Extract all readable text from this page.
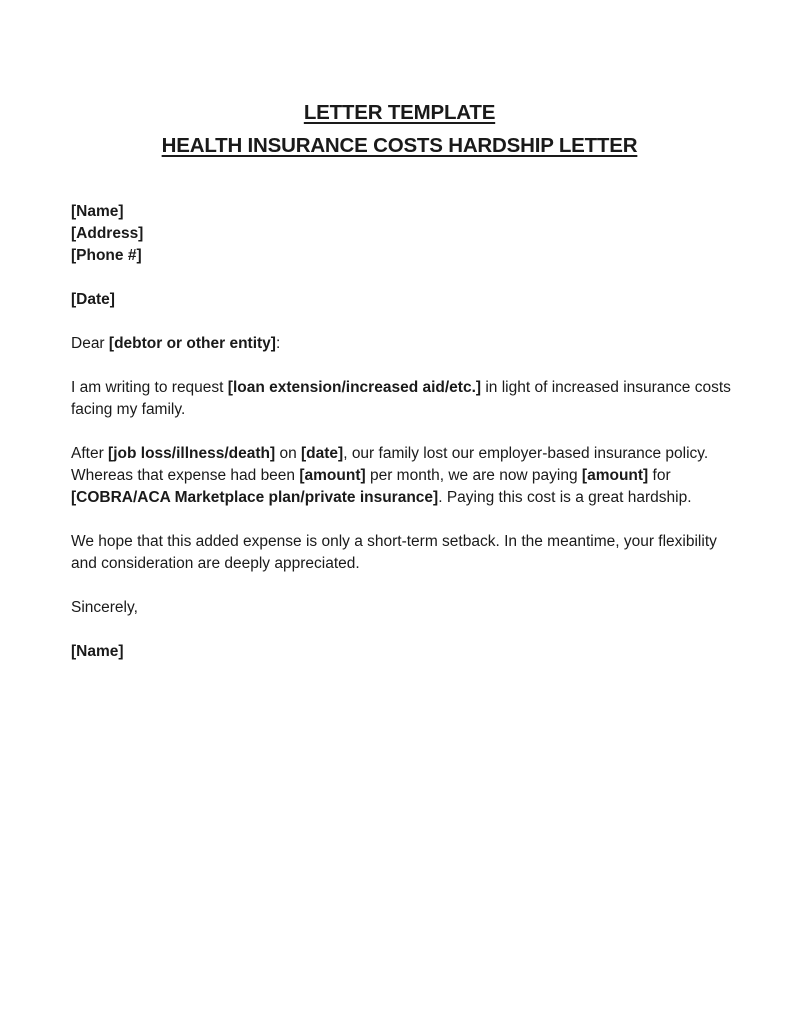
LETTER TEMPLATE
HEALTH INSURANCE COSTS HARDSHIP LETTER
[Name]
[Address]
[Phone #]
[Date]
Dear [debtor or other entity]:
I am writing to request [loan extension/increased aid/etc.] in light of increased insurance costs facing my family.
After [job loss/illness/death] on [date], our family lost our employer-based insurance policy. Whereas that expense had been [amount] per month, we are now paying [amount] for [COBRA/ACA Marketplace plan/private insurance]. Paying this cost is a great hardship.
We hope that this added expense is only a short-term setback. In the meantime, your flexibility and consideration are deeply appreciated.
Sincerely,
[Name]
